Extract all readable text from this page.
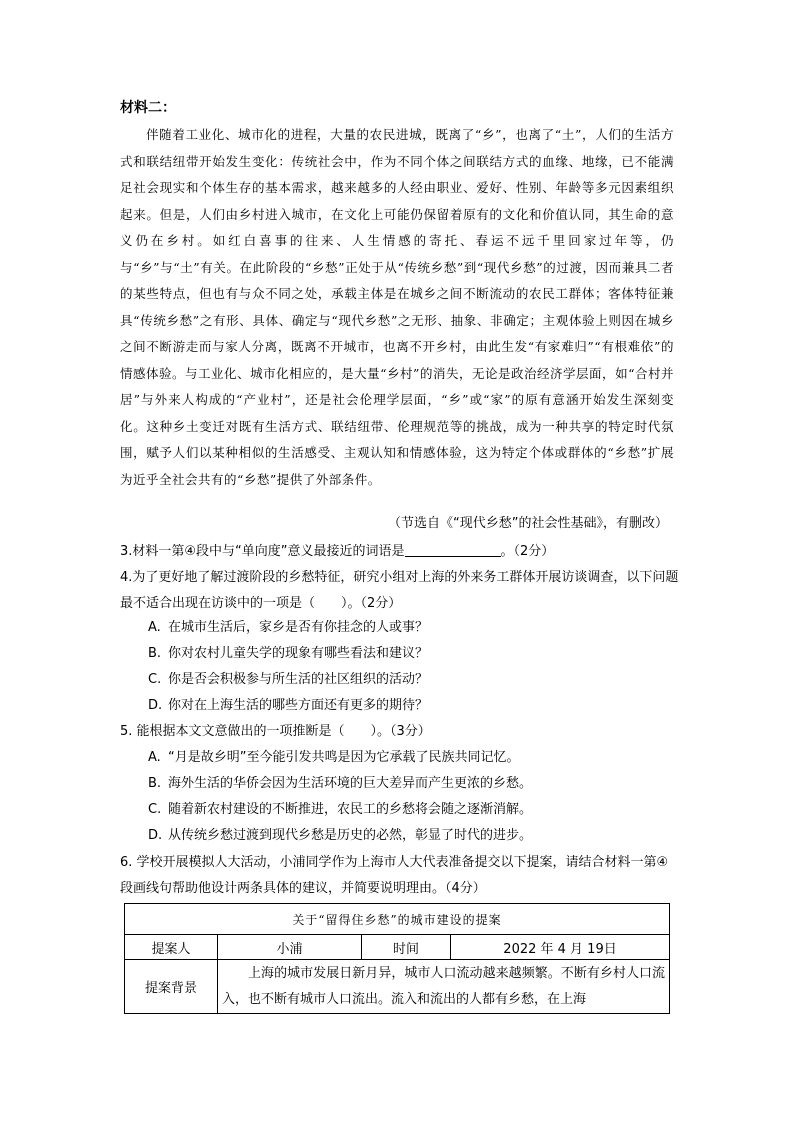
材料二：
伴随着工业化、城市化的进程，大量的农民进城，既离了“乡”，也离了“土”，人们的生活方式和联结纽带开始发生变化：传统社会中，作为不同个体之间联结方式的血缘、地缘，已不能满足社会现实和个体生存的基本需求，越来越多的人经由职业、爱好、性别、年龄等多元因素组织起来。但是，人们由乡村进入城市，在文化上可能仍保留着原有的文化和价值认同，其生命的意义仍在乡村。如红白喜事的往来、人生情感的寄托、春运不远千里回家过年等，仍与“乡”与“土”有关。在此阶段的“乡愁”正处于从“传统乡愁”到“现代乡愁”的过渡，因而兼具二者的某些特点，但也有与众不同之处，承载主体是在城乡之间不断流动的农民工群体；客体特征兼具“传统乡愁”之有形、具体、确定与“现代乡愁”之无形、抽象、非确定；主观体验上则因在城乡之间不断游走而与家人分离，既离不开城市，也离不开乡村，由此生发“有家难归”“有根难依”的情感体验。与工业化、城市化相应的，是大量“乡村”的消失，无论是政治经济学层面，如“合村并居”与外来人构成的“产业村”，还是社会伦理学层面，“乡”或“家”的原有意涵开始发生深刻变化。这种乡土变迁对既有生活方式、联结纽带、伦理规范等的挑战，成为一种共享的特定时代氛围，赋予人们以某种相似的生活感受、主观认知和情感体验，这为特定个体或群体的“乡愁”扩展为近乎全社会共有的“乡愁”提供了外部条件。
（节选自《“现代乡愁”的社会性基础》，有删改）
3.材料一第④段中与“单向度”意义最接近的词语是	。（2分）
4.为了更好地了解过渡阶段的乡愁特征，研究小组对上海的外来务工群体开展访谈调查，以下问题最不适合出现在访谈中的一项是（　　）。（2分）
A. 在城市生活后，家乡是否有你挂念的人或事？
B. 你对农村儿童失学的现象有哪些看法和建议？
C. 你是否会积极参与所生活的社区组织的活动？
D. 你对在上海生活的哪些方面还有更多的期待？
5. 能根据本文文意做出的一项推断是（　　）。（3分）
A. “月是故乡明”至今能引发共鸣是因为它承载了民族共同记忆。
B. 海外生活的华侨会因为生活环境的巨大差异而产生更浓的乡愁。
C. 随着新农村建设的不断推进，农民工的乡愁将会随之逐渐消解。
D. 从传统乡愁过渡到现代乡愁是历史的必然，彰显了时代的进步。
6. 学校开展模拟人大活动，小浦同学作为上海市人大代表准备提交以下提案，请结合材料一第④段画线句帮助他设计两条具体的建议，并简要说明理由。（4分）
关于“留得住乡愁”的城市建设的提案			
提案人	小浦	时间	2022 年 4 月 19日
提案背景	上海的城市发展日新月异，城市人口流动越来越频繁。不断有乡村人口流入，也不断有城市人口流出。流入和流出的人都有乡愁，在上海		
